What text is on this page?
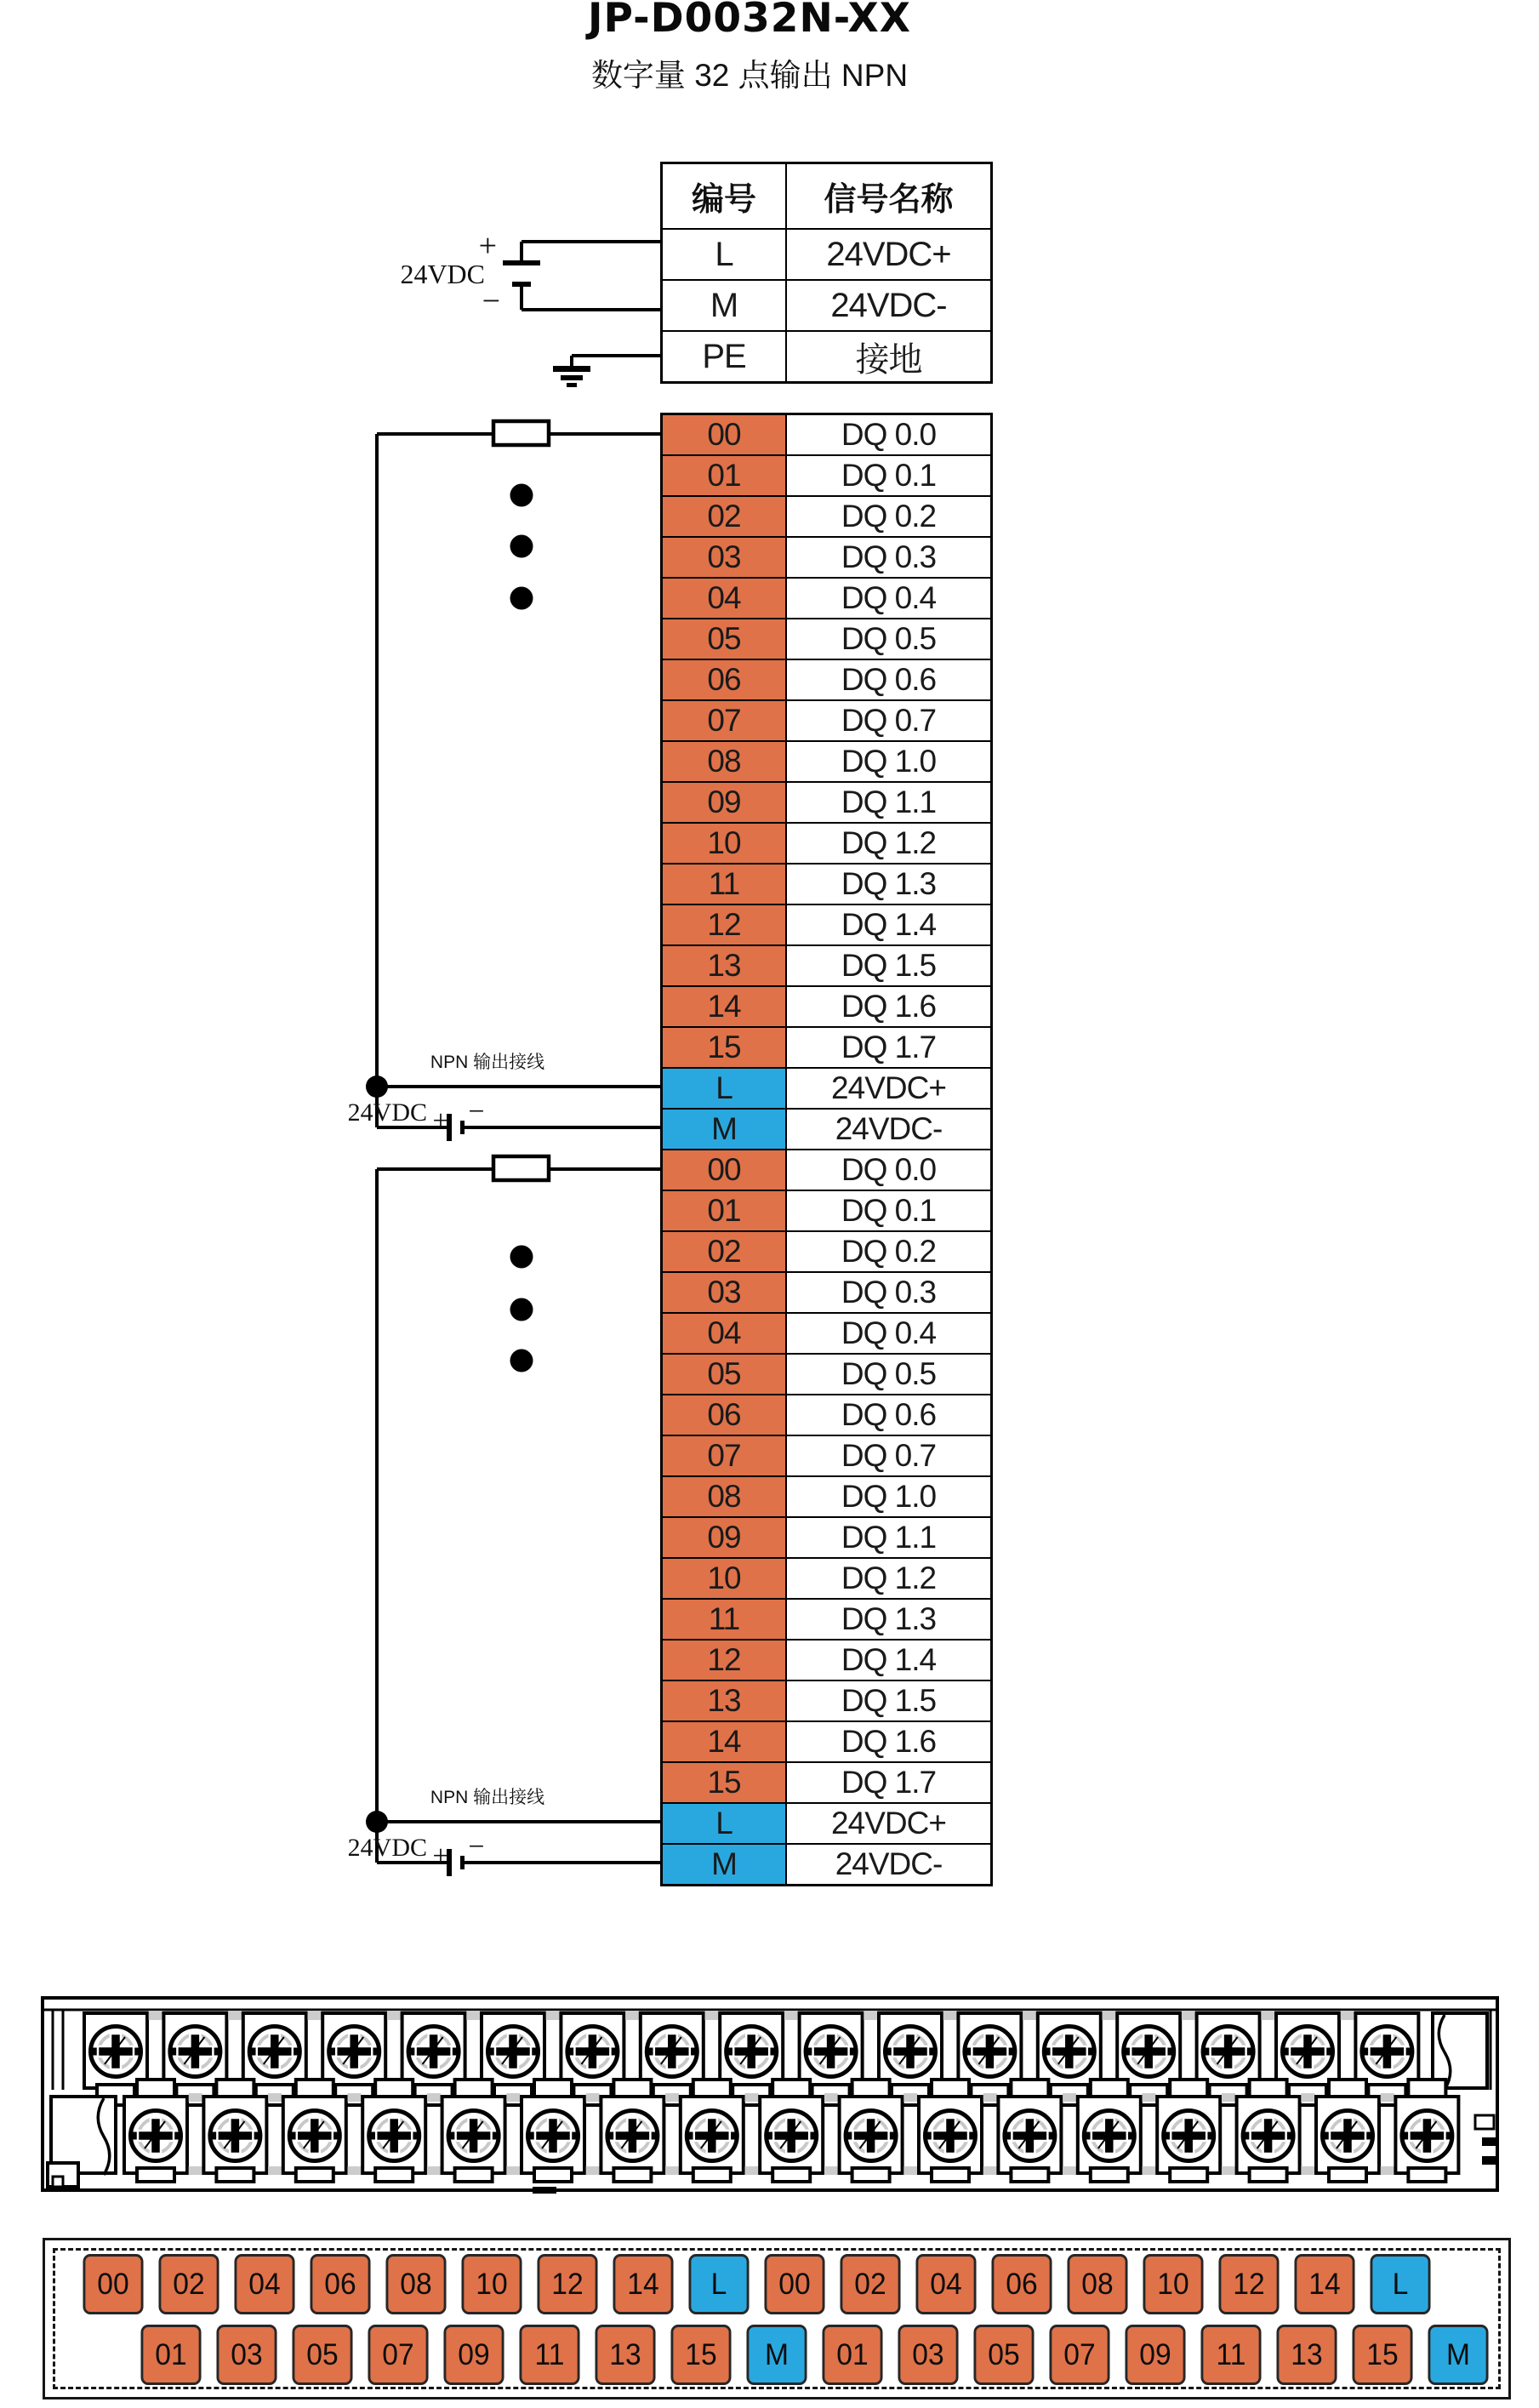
JP-D0032N-XX
数字量 32 点输出 NPN
+
24VDC
−
NPN 输出接线
24VDC + −
NPN 输出接线
24VDC + −
编号	信号名称
L	24VDC+
M	24VDC-
PE	接地
00	DQ 0.0
01	DQ 0.1
02	DQ 0.2
03	DQ 0.3
04	DQ 0.4
05	DQ 0.5
06	DQ 0.6
07	DQ 0.7
08	DQ 1.0
09	DQ 1.1
10	DQ 1.2
11	DQ 1.3
12	DQ 1.4
13	DQ 1.5
14	DQ 1.6
15	DQ 1.7
L	24VDC+
M	24VDC-
00	DQ 0.0
01	DQ 0.1
02	DQ 0.2
03	DQ 0.3
04	DQ 0.4
05	DQ 0.5
06	DQ 0.6
07	DQ 0.7
08	DQ 1.0
09	DQ 1.1
10	DQ 1.2
11	DQ 1.3
12	DQ 1.4
13	DQ 1.5
14	DQ 1.6
15	DQ 1.7
L	24VDC+
M	24VDC-
00	02	04	06	08	10	12	14	L	00	02	04	06	08	10	12	14	L
01	03	05	07	09	11	13	15	M	01	03	05	07	09	11	13	15	M
